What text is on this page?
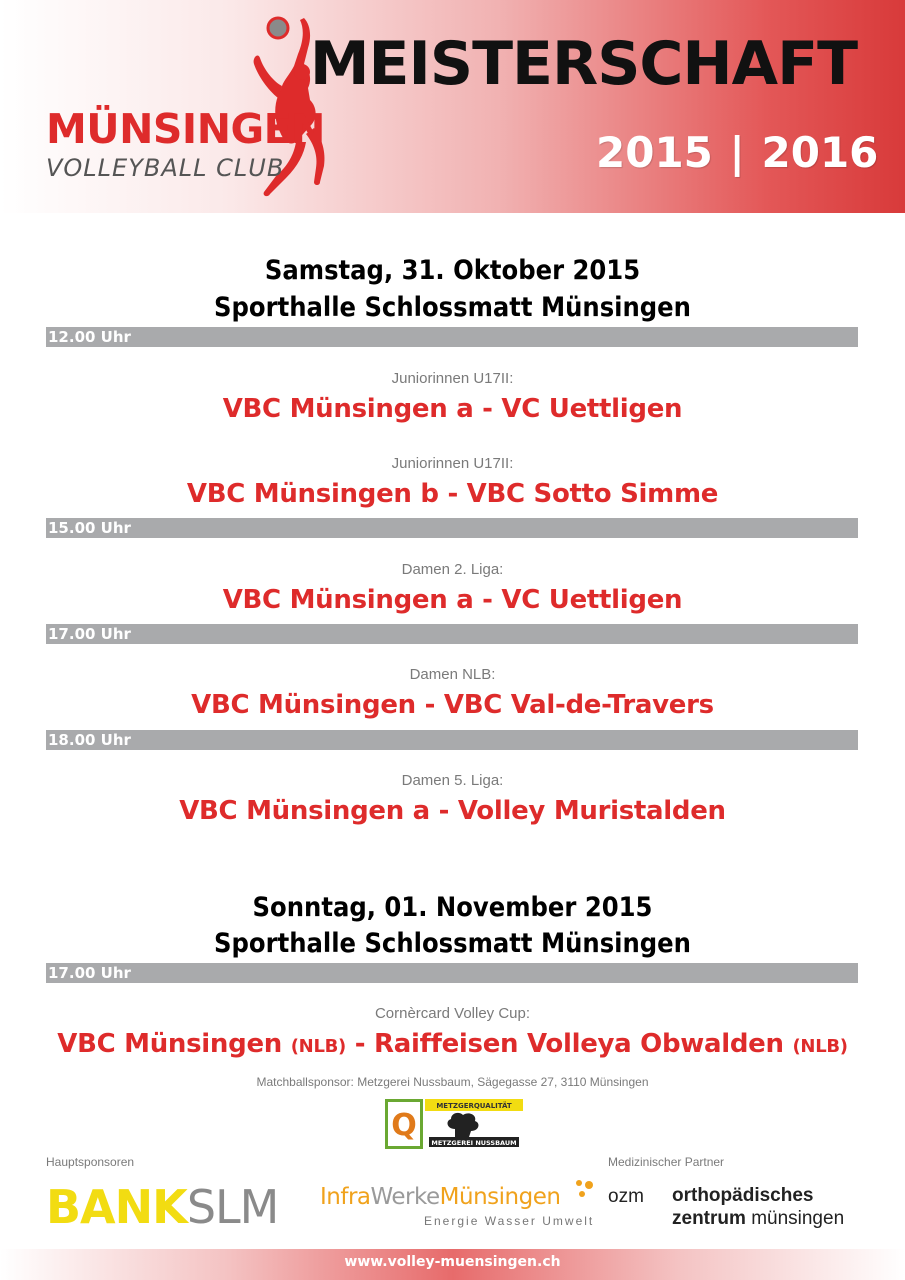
MÜNSINGEN
VOLLEYBALL CLUB
MEISTERSCHAFT
2015 | 2016
Samstag, 31. Oktober 2015
Sporthalle Schlossmatt Münsingen
12.00 Uhr
Juniorinnen U17II:
VBC Münsingen a - VC Uettligen
Juniorinnen U17II:
VBC Münsingen b - VBC Sotto Simme
15.00 Uhr
Damen 2. Liga:
VBC Münsingen a - VC Uettligen
17.00 Uhr
Damen NLB:
VBC Münsingen - VBC Val-de-Travers
18.00 Uhr
Damen 5. Liga:
VBC Münsingen a - Volley Muristalden
Sonntag, 01. November 2015
Sporthalle Schlossmatt Münsingen
17.00 Uhr
Cornèrcard Volley Cup:
VBC Münsingen (NLB) - Raiffeisen Volleya Obwalden (NLB)
Matchballsponsor: Metzgerei Nussbaum, Sägegasse 27, 3110 Münsingen
Q
METZGERQUALITÄT
METZGEREI NUSSBAUM
Hauptsponsoren
BANKSLM InfraWerkeMünsingen
Energie Wasser Umwelt
Medizinischer Partner
ozm orthopädisches
zentrum münsingen
www.volley-muensingen.ch
